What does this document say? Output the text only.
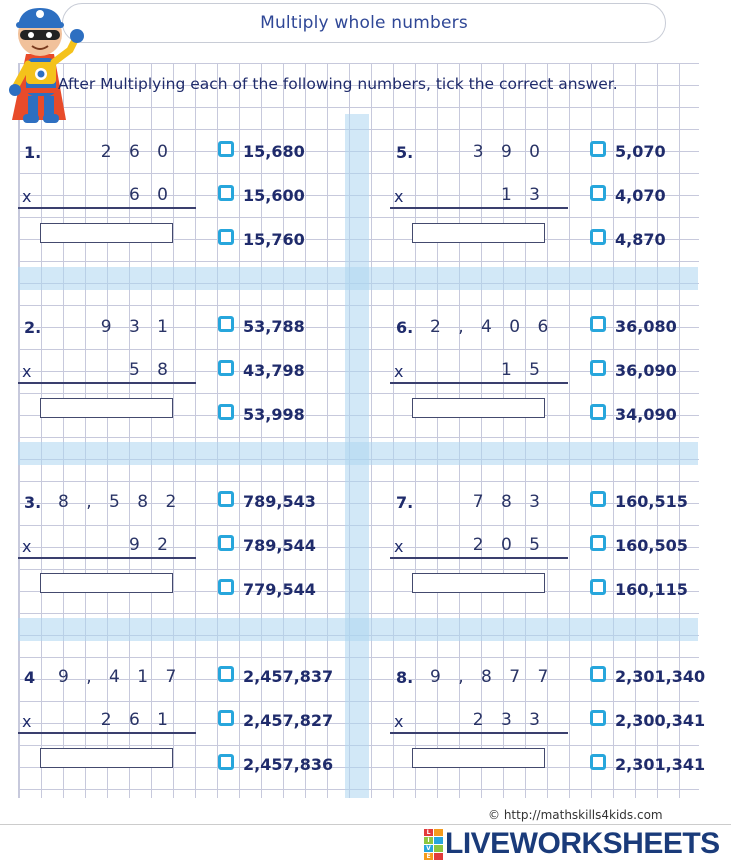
Multiply whole numbers
After Multiplying each of the following numbers, tick the correct answer.
1.	2 6 0
x	6 0
15,680
15,600
15,760
5.	3 9 0
x	1 3
5,070
4,070
4,870
2.	9 3 1
x	5 8
53,788
43,798
53,998
6. 2 , 4 0 6
x	1 5
36,080
36,090
34,090
3. 8 , 5 8 2
x	9 2
789,543
789,544
779,544
7.	7 8 3
x	2 0 5
160,515
160,505
160,115
4 9 , 4 1 7
x	2 6 1
2,457,837
2,457,827
2,457,836
8. 9 , 8 7 7
x	2 3 3
2,301,340
2,300,341
2,301,341
© http://mathskills4kids.com
L
I
V
E LIVEWORKSHEETS
